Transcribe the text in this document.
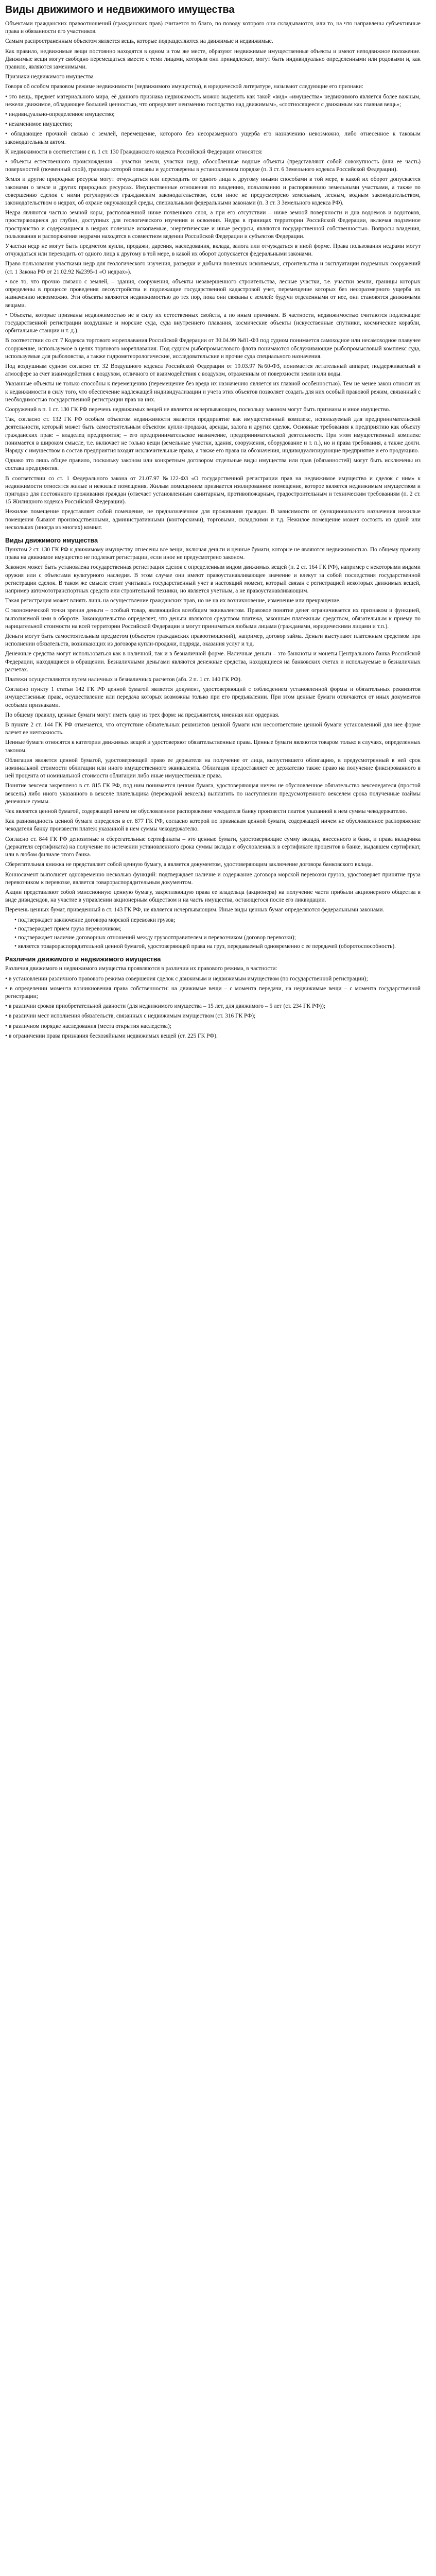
Виды движимого и недвижимого имущества

Объектами гражданских правоотношений (гражданских прав) считается то благо, по поводу которого они складываются, или то, на что направлены субъективные права и обязанности его участников.

Самым распространенным объектом является вещь, которые подразделяются на движимые и недвижимые.

Как правило, недвижимые вещи постоянно находятся в одном и том же месте, образуют недвижимые имущественные объекты и имеют неподвижное положение. Движимые вещи могут свободно перемещаться вместе с теми лицами, которым они принадлежат, могут быть индивидуально определенными или родовыми и, как правило, являются заменимыми.

Признаки недвижимого имущества

Говоря об особом правовом режиме недвижимости (недвижимого имущества), в юридической литературе, называют следующие его признаки:

• это вещь, предмет материального мира, её данного признака недвижимость можно выделить как такой «вид» «имущества» недвижимого является более важным, нежели движимое, обладающее большей ценностью, что определяет неизменно господство над движимым», «соотносящееся с движимым как главная вещь»;

• индивидуально-определенное имущество;

• незаменимое имущество;

• обладающее прочной связью с землей, перемещение, которого без несоразмерного ущерба его назначению невозможно, либо отнесенное к таковым законодательным актом.

К недвижимости в соответствии с п. 1 ст. 130 Гражданского кодекса Российской Федерации относятся:

• объекты естественного происхождения – участки земли, участки недр, обособленные водные объекты (представляют собой совокупность (или ее часть) поверхностей (почвенный слой), границы которой описаны и удостоверены в установленном порядке (п. 3 ст. 6 Земельного кодекса Российской Федерации).

Земля и другие природные ресурсы могут отчуждаться или переходить от одного лица к другому иными способами в той мере, в какой их оборот допускается законами о земле и других природных ресурсах. Имущественные отношения по владению, пользованию и распоряжению земельными участками, а также по совершению сделок с ними регулируются гражданским законодательством, если иное не предусмотрено земельным, лесным, водным законодательством, законодательством о недрах, об охране окружающей среды, специальными федеральными законами (п. 3 ст. 3 Земельного кодекса РФ).

Недра являются частью земной коры, расположенной ниже почвенного слоя, а при его отсутствии – ниже земной поверхности и дна водоемов и водотоков, простирающиеся до глубин, доступных для геологического изучения и освоения. Недра в границах территории Российской Федерации, включая подземное пространство и содержащиеся в недрах полезные ископаемые, энергетические и иные ресурсы, являются государственной собственностью. Вопросы владения, пользования и распоряжения недрами находятся в совместном ведении Российской Федерации и субъектов Федерации.

Участки недр не могут быть предметом купли, продажи, дарения, наследования, вклада, залога или отчуждаться в иной форме. Права пользования недрами могут отчуждаться или переходить от одного лица к другому в той мере, в какой их оборот допускается федеральными законами.

Право пользования участками недр для геологического изучения, разведки и добычи полезных ископаемых, строительства и эксплуатации подземных сооружений (ст. 1 Закона РФ от 21.02.92 №2395-1 «О недрах»).

• все то, что прочно связано с землей, – здания, сооружения, объекты незавершенного строительства, лесные участки, т.е. участки земли, границы которых определены в процессе проведения лесоустройства и подлежащие государственной кадастровой учет, перемещение которых без несоразмерного ущерба их назначению невозможно. Эти объекты являются недвижимостью до тех пор, пока они связаны с землей: будучи отделенными от нее, они становятся движимыми вещами.

• Объекты, которые признаны недвижимостью не в силу их естественных свойств, а по иным причинам. В частности, недвижимостью считаются подлежащие государственной регистрации воздушные и морские суда, суда внутреннего плавания, космические объекты (искусственные спутники, космические корабли, орбитальные станции и т. д.).

В соответствии со ст. 7 Кодекса торгового мореплавания Российской Федерации от 30.04.99 №81-ФЗ под судном понимается самоходное или несамоходное плавучее сооружение, используемое в целях торгового мореплавания. Под судном рыбопромыслового флота понимаются обслуживающие рыбопромысловый комплекс суда, используемые для рыболовства, а также гидрометеорологические, исследовательские и прочие суда специального назначения.

Под воздушным судном согласно ст. 32 Воздушного кодекса Российской Федерации от 19.03.97 №60-ФЗ, понимается летательный аппарат, поддерживаемый в атмосфере за счет взаимодействия с воздухом, отличного от взаимодействия с воздухом, отраженным от поверхности земли или воды.

Указанные объекты не только способны к перемещению (перемещение без вреда их назначению является их главной особенностью). Тем не менее закон относит их к недвижимости в силу того, что обеспечение надлежащей индивидуализации и учета этих объектов позволяет создать для них особый правовой режим, связанный с необходимостью государственной регистрации прав на них.

Сооружений в п. 1 ст. 130 ГК РФ перечень недвижимых вещей не является исчерпывающим, поскольку законом могут быть признаны и иное имущество.

Так, согласно ст. 132 ГК РФ особым объектом недвижимости является предприятие как имущественный комплекс, используемый для предпринимательской деятельности, который может быть самостоятельным объектом купли-продажи, аренды, залога и других сделок. Основные требования к предприятию как объекту гражданских прав: – владелец предприятия; – его предпринимательское назначение, предпринимательской деятельности. При этом имущественный комплекс понимается в широком смысле, т.е. включает не только вещи (земельные участки, здания, сооружения, оборудование и т. п.), но и права требования, а также долги. Наряду с имуществом в состав предприятия входят исключительные права, а также его права на обозначения, индивидуализирующие предприятие и его продукцию.

Однако это лишь общее правило, поскольку законом или конкретным договором отдельные виды имущества или прав (обязанностей) могут быть исключены из состава предприятия.

В соответствии со ст. 1 Федерального закона от 21.07.97 №122-ФЗ «О государственной регистрации прав на недвижимое имущество и сделок с ним» к недвижимости относятся жилые и нежилые помещения. Жилым помещением признается изолированное помещение, которое является недвижимым имуществом и пригодно для постоянного проживания граждан (отвечает установленным санитарным, противопожарным, градостроительным и техническим требованиям (п. 2 ст. 15 Жилищного кодекса Российской Федерации).

Нежилое помещение представляет собой помещение, не предназначенное для проживания граждан. В зависимости от функционального назначения нежилые помещения бывают производственными, административными (конторскими), торговыми, складскими и т.д. Нежилое помещение может состоять из одной или нескольких (иногда из многих) комнат.

Виды движимого имущества

Пунктом 2 ст. 130 ГК РФ к движимому имуществу отнесены все вещи, включая деньги и ценные бумаги, которые не являются недвижимостью. По общему правилу права на движимое имущество не подлежат регистрации, если иное не предусмотрено законом.

Законом может быть установлена государственная регистрация сделок с определенным видом движимых вещей (п. 2 ст. 164 ГК РФ), например с некоторыми видами оружия или с объектами культурного наследия. В этом случае они имеют правоустанавливающее значение и влекут за собой последствия государственной регистрации сделок. В таком же смысле стоит учитывать государственный учет в настоящий момент, который связан с регистрацией некоторых движимых вещей, например автомототранспортных средств или строительной техники, но является учетным, а не правоустанавливающим.

Такая регистрация может влиять лишь на осуществление гражданских прав, но не на их возникновение, изменение или прекращение.

С экономической точки зрения деньги – особый товар, являющийся всеобщим эквивалентом. Правовое понятие денег ограничивается их признаком и функцией, выполняемой ими в обороте. Законодательство определяет, что деньги являются средством платежа, законным платежным средством, обязательным к приему по нарицательной стоимости на всей территории Российской Федерации и могут приниматься любыми лицами (гражданами, юридическими лицами и т.п.).

Деньги могут быть самостоятельным предметом (объектом гражданских правоотношений), например, договор займа. Деньги выступают платежным средством при исполнении обязательств, возникающих из договора купли-продажи, подряда, оказания услуг и т.д.

Денежные средства могут использоваться как в наличной, так и в безналичной форме. Наличные деньги – это банкноты и монеты Центрального банка Российской Федерации, находящиеся в обращении. Безналичными деньгами являются денежные средства, находящиеся на банковских счетах и используемые в безналичных расчетах.

Платежи осуществляются путем наличных и безналичных расчетов (абз. 2 п. 1 ст. 140 ГК РФ).

Согласно пункту 1 статьи 142 ГК РФ ценной бумагой является документ, удостоверяющий с соблюдением установленной формы и обязательных реквизитов имущественные права, осуществление или передача которых возможны только при его предъявлении. При этом ценные бумаги отличаются от иных документов особыми признаками.

По общему правилу, ценные бумаги могут иметь одну из трех форм: на предъявителя, именная или ордерная.

В пункте 2 ст. 144 ГК РФ отмечается, что отсутствие обязательных реквизитов ценной бумаги или несоответствие ценной бумаги установленной для нее форме влечет ее ничтожность.

Ценные бумаги относятся к категории движимых вещей и удостоверяют обязательственные права. Ценные бумаги являются товаром только в случаях, определенных законом.

Облигация является ценной бумагой, удостоверяющей право ее держателя на получение от лица, выпустившего облигацию, в предусмотренный в ней срок номинальной стоимости облигации или иного имущественного эквивалента. Облигация предоставляет ее держателю также право на получение фиксированного в ней процента от номинальной стоимости облигации либо иные имущественные права.

Понятие векселя закреплено в ст. 815 ГК РФ, под ним понимается ценная бумага, удостоверяющая ничем не обусловленное обязательство векселедателя (простой вексель) либо иного указанного в векселе плательщика (переводной вексель) выплатить по наступлении предусмотренного векселем срока полученные взаймы денежные суммы.

Чек является ценной бумагой, содержащей ничем не обусловленное распоряжение чекодателя банку произвести платеж указанной в нем суммы чекодержателю.

Как разновидность ценной бумаги определен в ст. 877 ГК РФ, согласно которой по признакам ценной бумаги, содержащей ничем не обусловленное распоряжение чекодателя банку произвести платеж указанной в нем суммы чекодержателю.

Согласно ст. 844 ГК РФ депозитные и сберегательные сертификаты – это ценные бумаги, удостоверяющие сумму вклада, внесенного в банк, и права вкладчика (держателя сертификата) на получение по истечении установленного срока суммы вклада и обусловленных в сертификате процентов в банке, выдавшем сертификат, или в любом филиале этого банка.

Сберегательная книжка не представляет собой ценную бумагу, а является документом, удостоверяющим заключение договора банковского вклада.

Конносамент выполняет одновременно несколько функций: подтверждает наличие и содержание договора морской перевозки грузов, удостоверяет принятие груза перевозчиком к перевозке, является товарораспорядительным документом.

Акции представляют собой эмиссионную ценную бумагу, закрепляющую права ее владельца (акционера) на получение части прибыли акционерного общества в виде дивидендов, на участие в управлении акционерным обществом и на часть имущества, остающегося после его ликвидации.

Перечень ценных бумаг, приведенный в ст. 143 ГК РФ, не является исчерпывающим. Иные виды ценных бумаг определяются федеральными законами.

• подтверждает заключение договора морской перевозки грузов;
• подтверждает прием груза перевозчиком;
• подтверждает наличие договорных отношений между грузоотправителем и перевозчиком (договор перевозки);
• является товарораспорядительной ценной бумагой, удостоверяющей права на груз, передаваемый одновременно с ее передачей (оборотоспособность).
Различия движимого и недвижимого имущества

Различия движимого и недвижимого имущества проявляются в различии их правового режима, в частности:

• в установлении различного правового режима совершения сделок с движимым и недвижимым имуществом (по государственной регистрации);

• в определении момента возникновения права собственности: на движимые вещи – с момента передачи, на недвижимые вещи – с момента государственной регистрации;

• в различии сроков приобретательной давности (для недвижимого имущества – 15 лет, для движимого – 5 лет (ст. 234 ГК РФ));

• в различии мест исполнения обязательств, связанных с недвижимым имуществом (ст. 316 ГК РФ);

• в различном порядке наследования (места открытия наследства);

• в ограничении права признания бесхозяйными недвижимых вещей (ст. 225 ГК РФ).
